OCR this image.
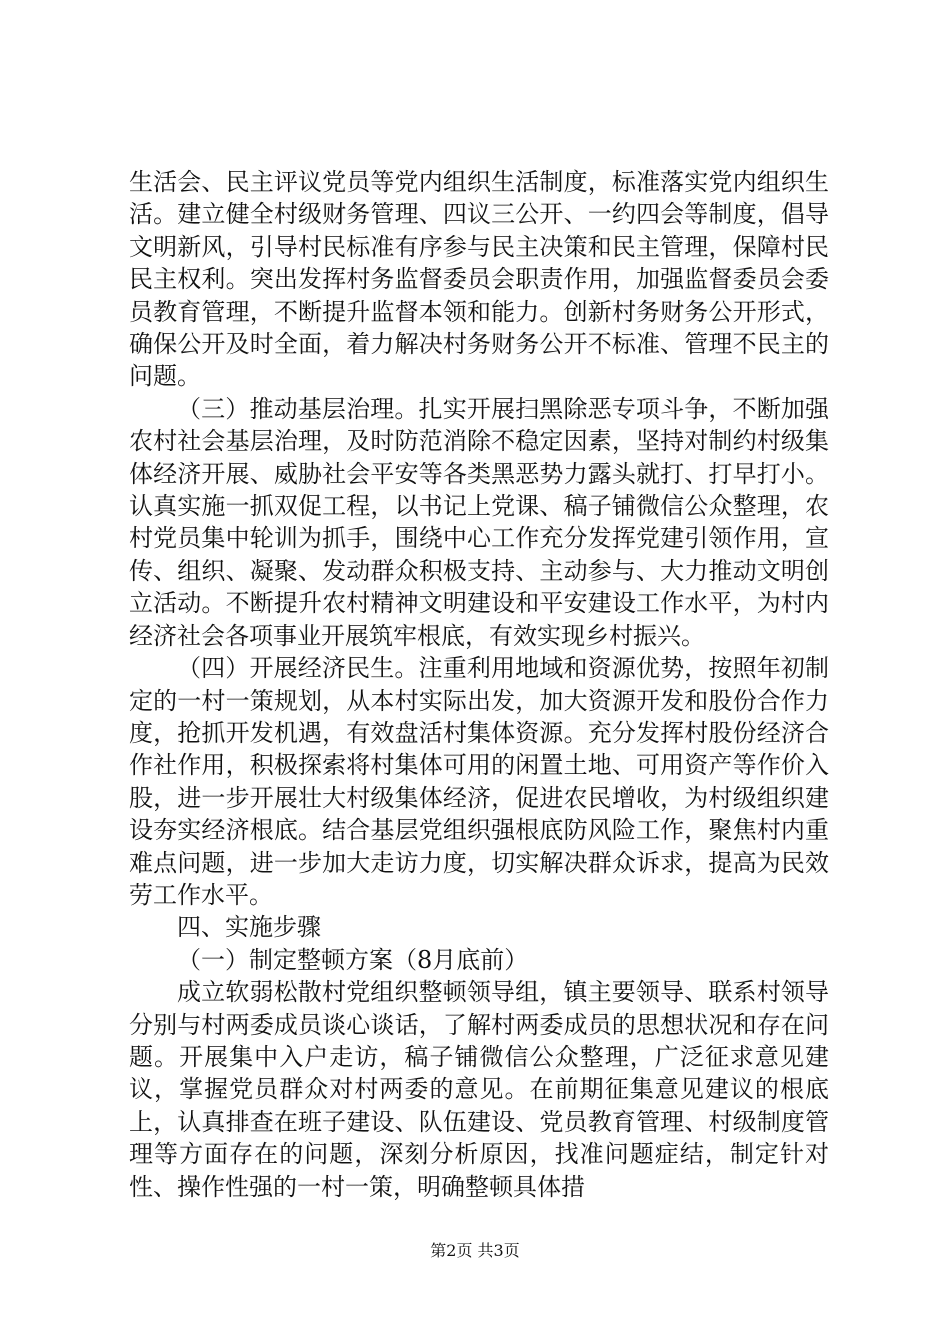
生活会、民主评议党员等党内组织生活制度，标准落实党内组织生活。建立健全村级财务管理、四议三公开、一约四会等制度，倡导文明新风，引导村民标准有序参与民主决策和民主管理，保障村民民主权利。突出发挥村务监督委员会职责作用，加强监督委员会委员教育管理，不断提升监督本领和能力。创新村务财务公开形式，确保公开及时全面，着力解决村务财务公开不标准、管理不民主的问题。

（三）推动基层治理。扎实开展扫黑除恶专项斗争，不断加强农村社会基层治理，及时防范消除不稳定因素，坚持对制约村级集体经济开展、威胁社会平安等各类黑恶势力露头就打、打早打小。认真实施一抓双促工程，以书记上党课、稿子铺微信公众整理，农村党员集中轮训为抓手，围绕中心工作充分发挥党建引领作用，宣传、组织、凝聚、发动群众积极支持、主动参与、大力推动文明创立活动。不断提升农村精神文明建设和平安建设工作水平，为村内经济社会各项事业开展筑牢根底，有效实现乡村振兴。

（四）开展经济民生。注重利用地域和资源优势，按照年初制定的一村一策规划，从本村实际出发，加大资源开发和股份合作力度，抢抓开发机遇，有效盘活村集体资源。充分发挥村股份经济合作社作用，积极探索将村集体可用的闲置土地、可用资产等作价入股，进一步开展壮大村级集体经济，促进农民增收，为村级组织建设夯实经济根底。结合基层党组织强根底防风险工作，聚焦村内重难点问题，进一步加大走访力度，切实解决群众诉求，提高为民效劳工作水平。

四、实施步骤

（一）制定整顿方案（8月底前）

成立软弱松散村党组织整顿领导组，镇主要领导、联系村领导分别与村两委成员谈心谈话，了解村两委成员的思想状况和存在问题。开展集中入户走访，稿子铺微信公众整理，广泛征求意见建议，掌握党员群众对村两委的意见。在前期征集意见建议的根底上，认真排查在班子建设、队伍建设、党员教育管理、村级制度管理等方面存在的问题，深刻分析原因，找准问题症结，制定针对性、操作性强的一村一策，明确整顿具体措

第2页 共3页
